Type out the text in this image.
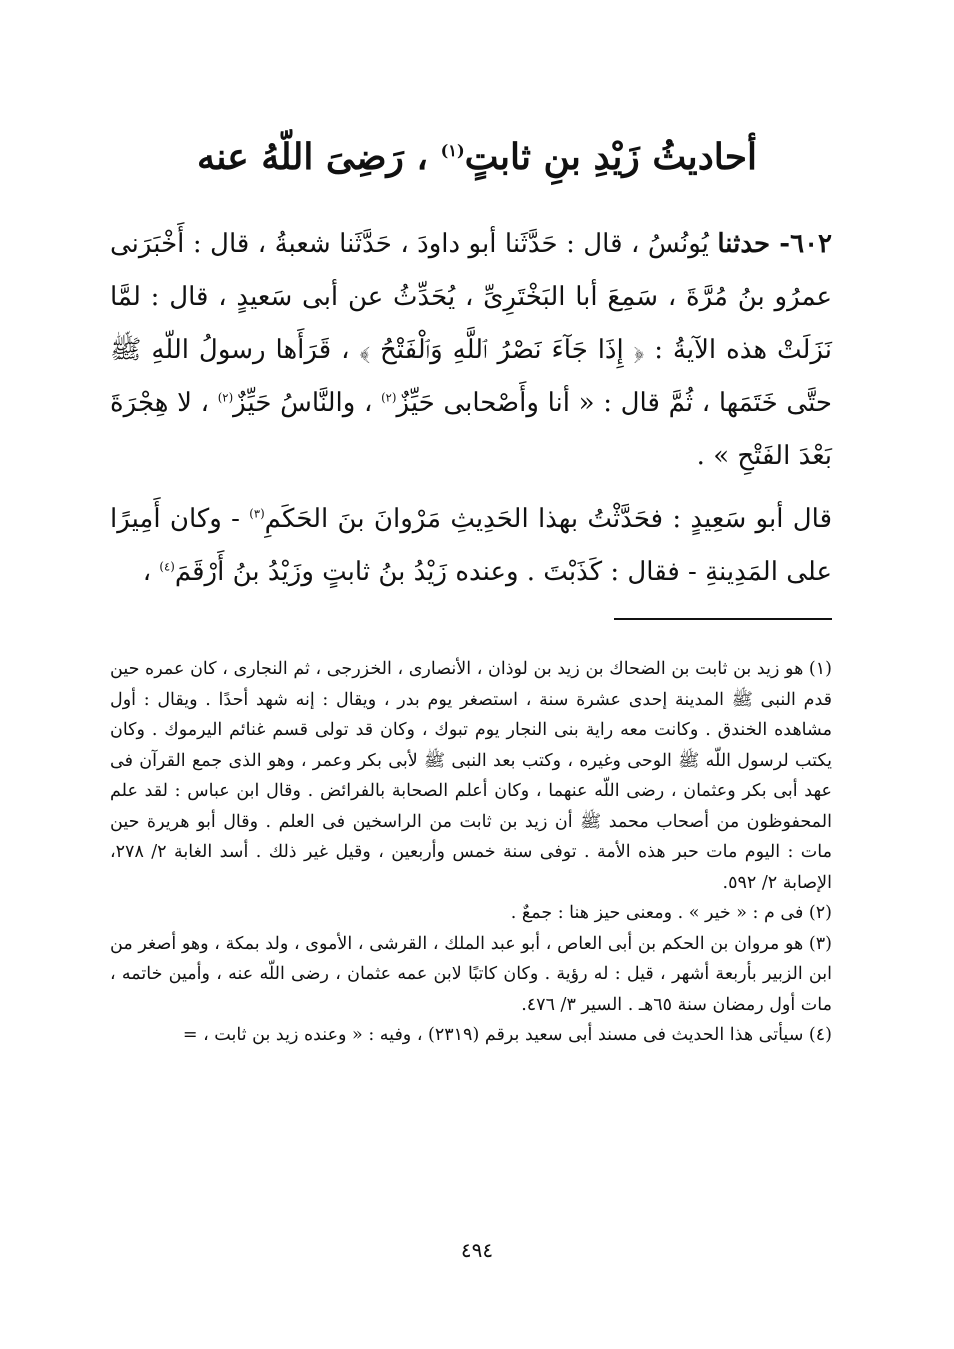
أحاديثُ زَيْدِ بنِ ثابتٍ$^{(١)}$ ، رَضِىَ اللّهُ عنه

٦٠٢- حدثنا يُونُسُ ، قال : حَدَّثَنا أبو داودَ ، حَدَّثَنا شعبةُ ، قال : أَخْبَرَنى عمرُو بنُ مُرَّةَ ، سَمِعَ أبا البَخْتَرِىِّ ، يُحَدِّثُ عن أبى سَعيدٍ ، قال : لمَّا نَزَلَتْ هذه الآيةُ : ﴿ إِذَا جَآءَ نَصْرُ ٱللَّهِ وَٱلْفَتْحُ ﴾ ، قَرَأَها رسولُ اللّهِ ﷺ حتَّى خَتَمَها ، ثُمَّ قال : « أنا وأَصْحابى حَيِّزٌ$^{(٢)}$ ، والنَّاسُ حَيِّزٌ$^{(٢)}$ ، لا هِجْرَةَ بَعْدَ الفَتْحِ » .

قال أبو سَعِيدٍ : فحَدَّثْتُ بهذا الحَدِيثِ مَرْوانَ بنَ الحَكَمِ$^{(٣)}$ - وكان أَمِيرًا على المَدِينةِ - فقال : كَذَبْتَ . وعنده زَيْدُ بنُ ثابتٍ وزَيْدُ بنُ أَرْقَمَ$^{(٤)}$ ،

(١) هو زيد بن ثابت بن الضحاك بن زيد بن لوذان ، الأنصارى ، الخزرجى ، ثم النجارى ، كان عمره حين قدم النبى ﷺ المدينة إحدى عشرة سنة ، استصغر يوم بدر ، ويقال : إنه شهد أحدًا . ويقال : أول مشاهده الخندق . وكانت معه راية بنى النجار يوم تبوك ، وكان قد تولى قسم غنائم اليرموك . وكان يكتب لرسول اللّه ﷺ الوحى وغيره ، وكتب بعد النبى ﷺ لأبى بكر وعمر ، وهو الذى جمع القرآن فى عهد أبى بكر وعثمان ، رضى اللّه عنهما ، وكان أعلم الصحابة بالفرائض . وقال ابن عباس : لقد علم المحفوظون من أصحاب محمد ﷺ أن زيد بن ثابت من الراسخين فى العلم . وقال أبو هريرة حين مات : اليوم مات حبر هذه الأمة . توفى سنة خمس وأربعين ، وقيل غير ذلك . أسد الغابة ٢/ ٢٧٨، الإصابة ٢/ ٥٩٢.

(٢) فى م : « خير » . ومعنى حيز هنا : جمعٌ .

(٣) هو مروان بن الحكم بن أبى العاص ، أبو عبد الملك ، القرشى ، الأموى ، ولد بمكة ، وهو أصغر من ابن الزبير بأربعة أشهر ، قيل : له رؤية . وكان كاتبًا لابن عمه عثمان ، رضى اللّه عنه ، وأمين خاتمه ، مات أول رمضان سنة ٦٥هـ . السير ٣/ ٤٧٦.

(٤) سيأتى هذا الحديث فى مسند أبى سعيد برقم (٢٣١٩) ، وفيه : « وعنده زيد بن ثابت ، =

٤٩٤
